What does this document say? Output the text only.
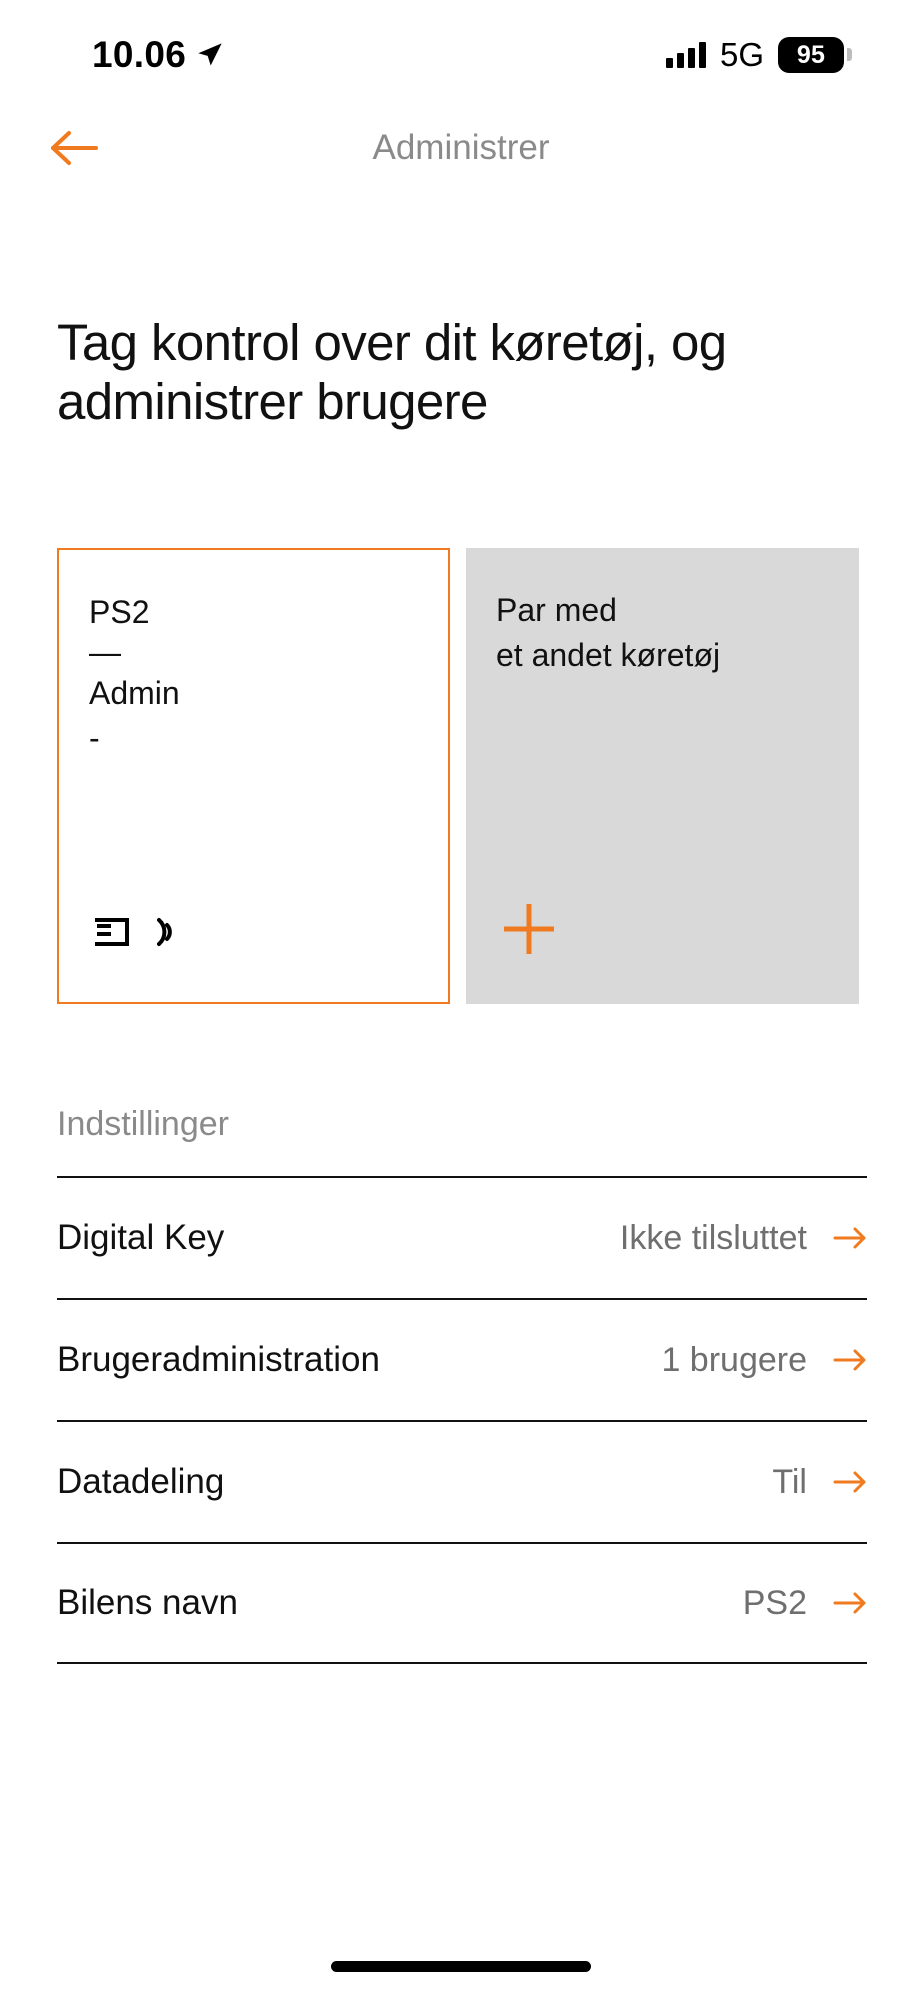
10.06	5G 95
Administrer
Tag kontrol over dit køretøj, og administrer brugere
PS2
—
Admin
-
Par med
et andet køretøj
Indstillinger
Digital Key	Ikke tilsluttet
Brugeradministration	1 brugere
Datadeling	Til
Bilens navn	PS2
